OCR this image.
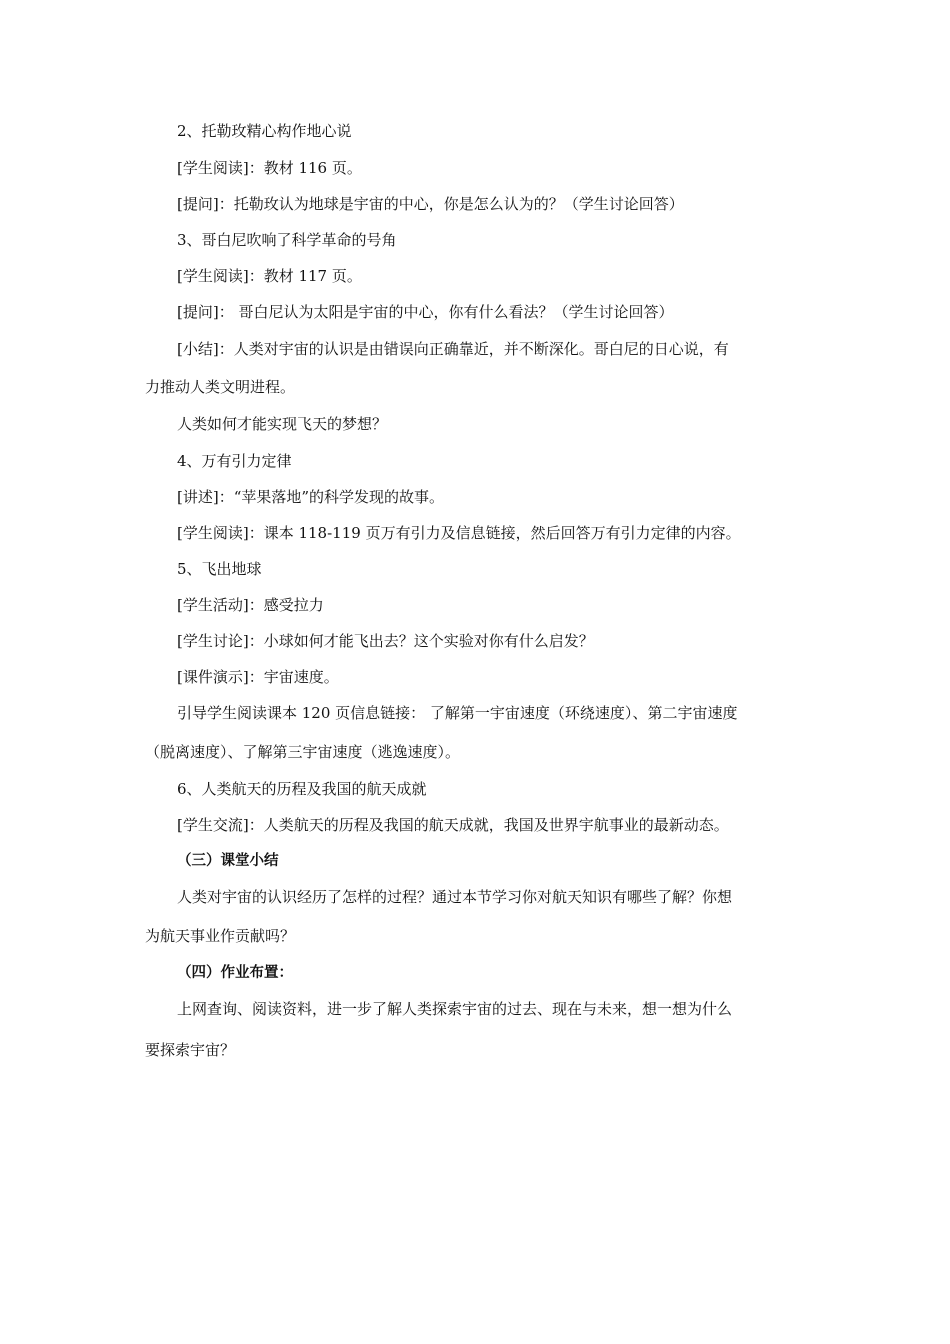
2、托勒玫精心构作地心说
[学生阅读]：教材 116 页。
[提问]：托勒玫认为地球是宇宙的中心，你是怎么认为的？（学生讨论回答）
3、哥白尼吹响了科学革命的号角
[学生阅读]：教材 117 页。
[提问]： 哥白尼认为太阳是宇宙的中心，你有什么看法？（学生讨论回答）
[小结]：人类对宇宙的认识是由错误向正确靠近，并不断深化。哥白尼的日心说，有
力推动人类文明进程。
人类如何才能实现飞天的梦想？
4、万有引力定律
[讲述]：“苹果落地”的科学发现的故事。
[学生阅读]：课本 118-119 页万有引力及信息链接，然后回答万有引力定律的内容。
5、飞出地球
[学生活动]：感受拉力
[学生讨论]：小球如何才能飞出去？这个实验对你有什么启发？
[课件演示]：宇宙速度。
引导学生阅读课本 120 页信息链接： 了解第一宇宙速度（环绕速度）、第二宇宙速度
（脱离速度）、了解第三宇宙速度（逃逸速度）。
6、人类航天的历程及我国的航天成就
[学生交流]：人类航天的历程及我国的航天成就，我国及世界宇航事业的最新动态。
（三）课堂小结
人类对宇宙的认识经历了怎样的过程？通过本节学习你对航天知识有哪些了解？你想
为航天事业作贡献吗？
（四）作业布置：
上网查询、阅读资料，进一步了解人类探索宇宙的过去、现在与未来，想一想为什么
要探索宇宙？
